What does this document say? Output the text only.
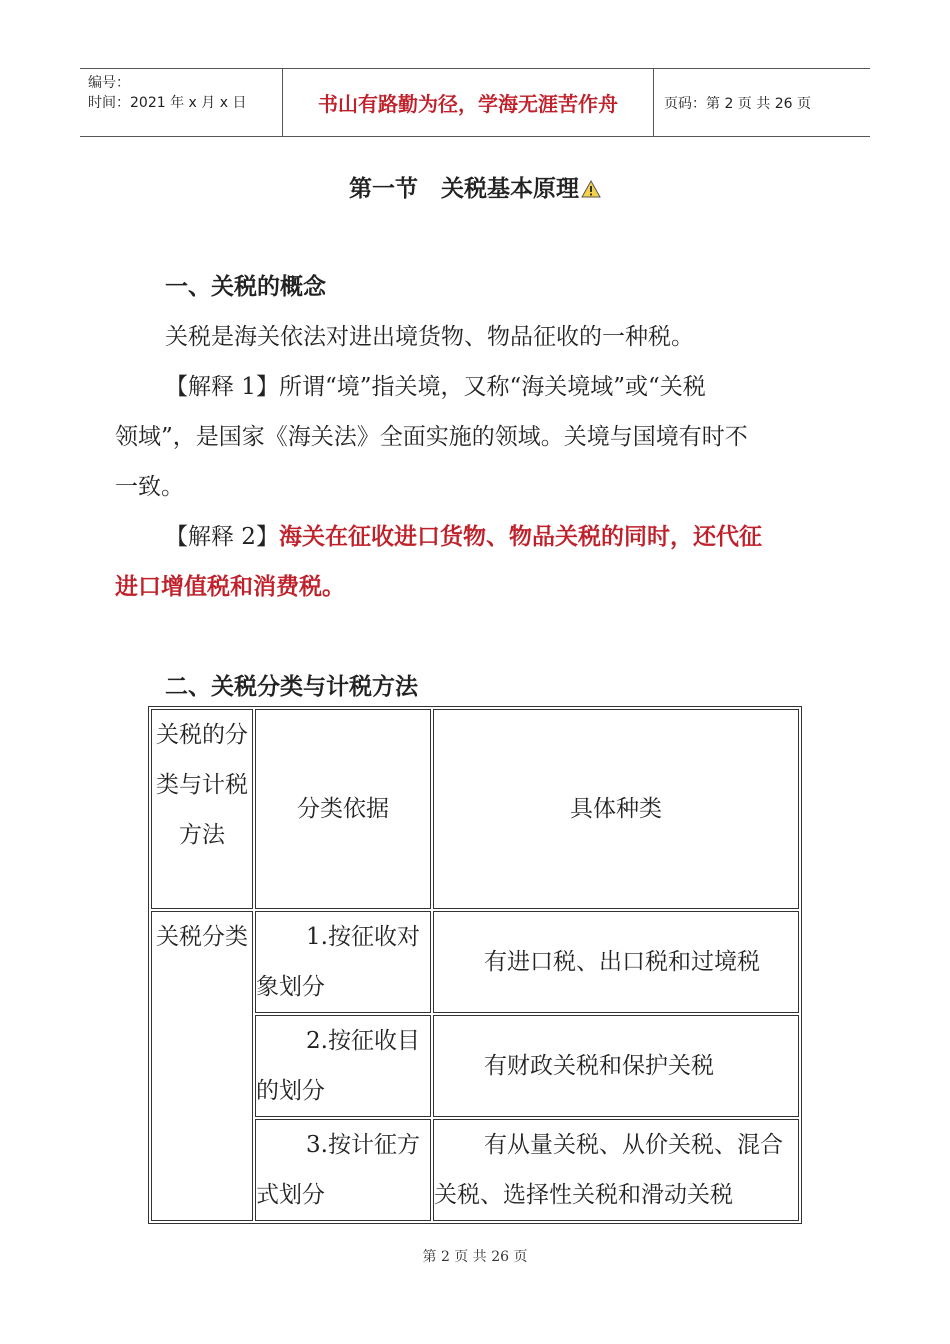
编号：
时间：2021 年 x 月 x 日	书山有路勤为径，学海无涯苦作舟	页码：第 2 页 共 26 页
第一节　关税基本原理
一、关税的概念
关税是海关依法对进出境货物、物品征收的一种税。
【解释 1】所谓“境”指关境，又称“海关境域”或“关税
领域”，是国家《海关法》全面实施的领域。关境与国境有时不
一致。
【解释 2】海关在征收进口货物、物品关税的同时，还代征
进口增值税和消费税。
二、关税分类与计税方法
关税的分类与计税方法	分类依据	具体种类
关税分类	1.按征收对象划分	有进口税、出口税和过境税
	2.按征收目的划分	有财政关税和保护关税
	3.按计征方式划分	有从量关税、从价关税、混合关税、选择性关税和滑动关税
第 2 页 共 26 页
